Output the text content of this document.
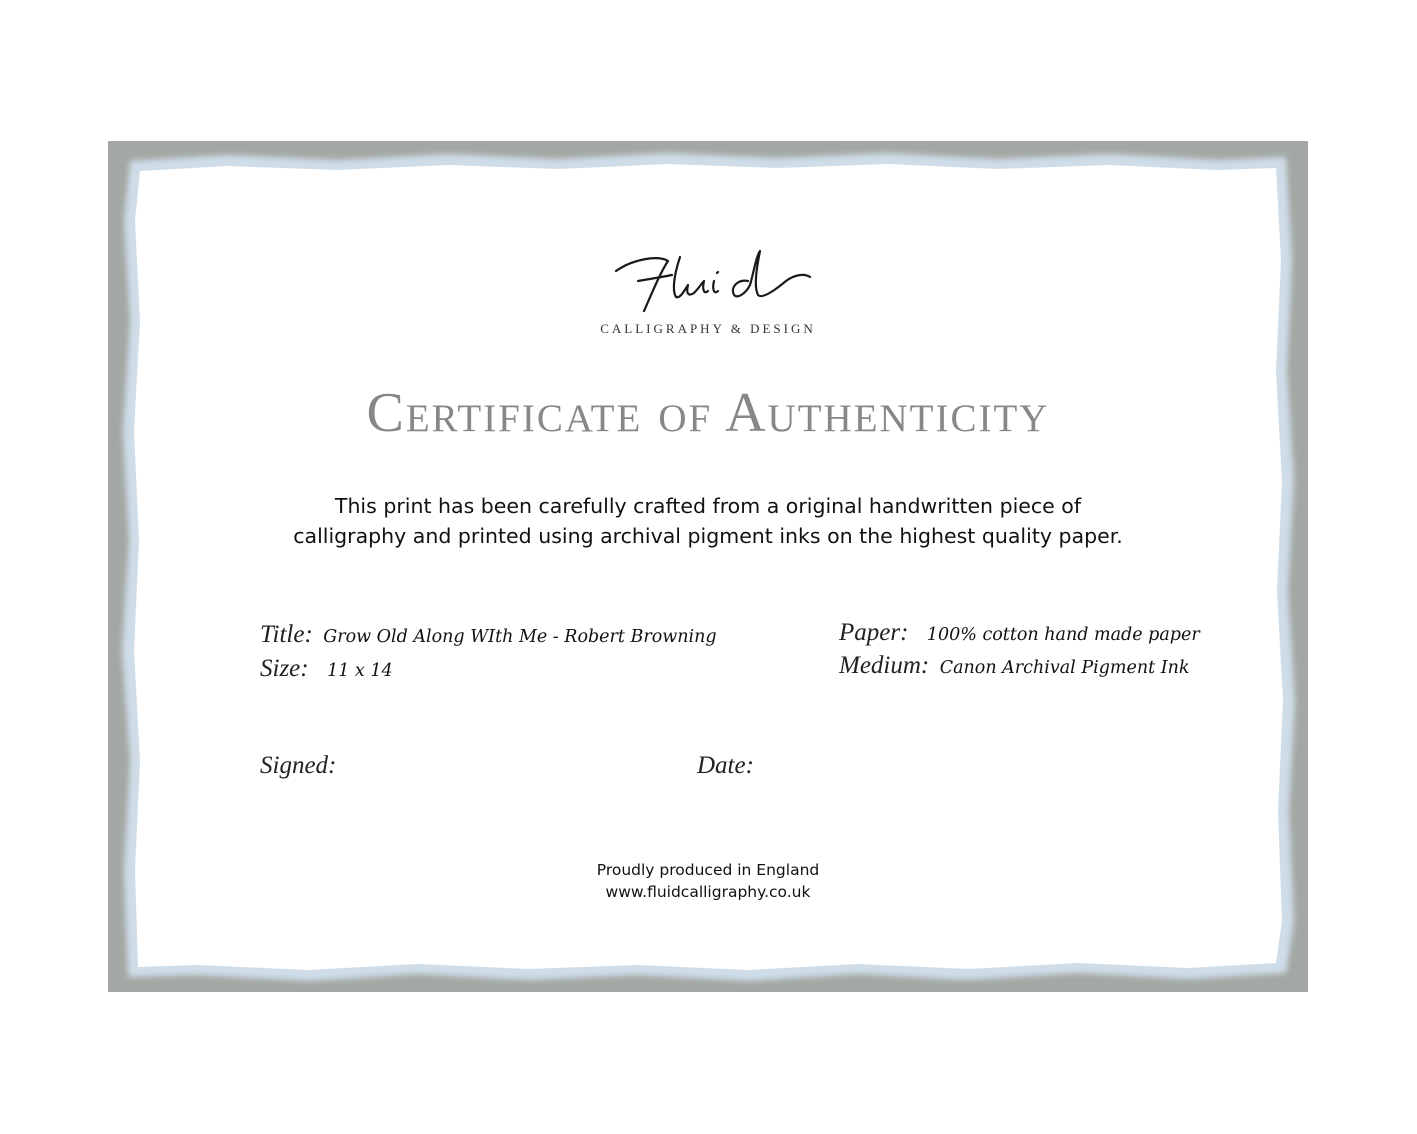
CALLIGRAPHY & DESIGN
Certificate of Authenticity
This print has been carefully crafted from a original handwritten piece of
calligraphy and printed using archival pigment inks on the highest quality paper.
Title: Grow Old Along WIth Me - Robert Browning
Size: 11 x 14
Paper: 100% cotton hand made paper
Medium: Canon Archival Pigment Ink
Signed:	Date:
Proudly produced in England
www.fluidcalligraphy.co.uk
